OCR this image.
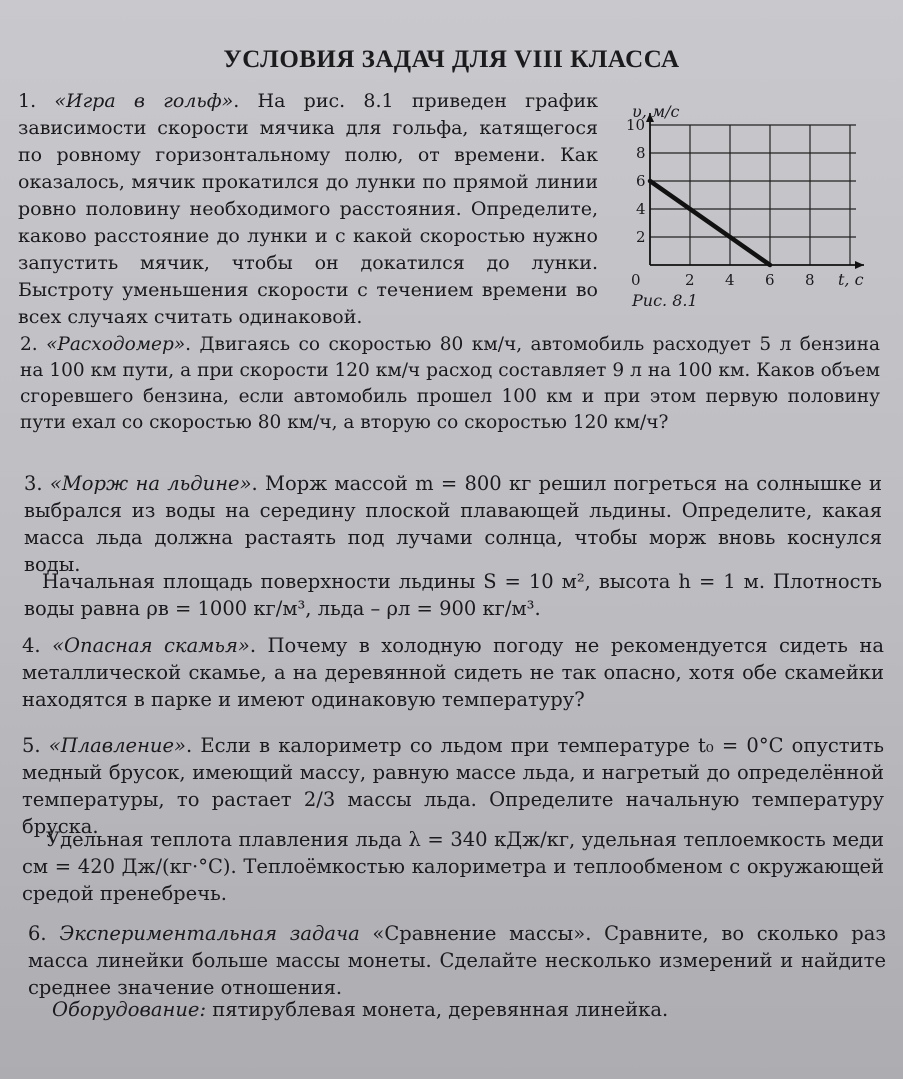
УСЛОВИЯ ЗАДАЧ ДЛЯ VIII КЛАССА

1. «Игра в гольф». На рис. 8.1 приведен график зависимости скорости мячика для гольфа, катящегося по ровному горизонтальному полю, от времени. Как оказалось, мячик прокатился до лунки по прямой линии ровно половину необходимого расстояния. Определите, каково расстояние до лунки и с какой скоростью нужно запустить мячик, чтобы он докатился до лунки. Быстроту уменьшения скорости с течением времени во всех случаях считать одинаковой.

2 4 6 8
2
4
6
8
10
υ, м/с
t, с
0
Рис. 8.1

2. «Расходомер». Двигаясь со скоростью 80 км/ч, автомобиль расходует 5 л бензина на 100 км пути, а при скорости 120 км/ч расход составляет 9 л на 100 км. Каков объем сгоревшего бензина, если автомобиль прошел 100 км и при этом первую половину пути ехал со скоростью 80 км/ч, а вторую со скоростью 120 км/ч?

3. «Морж на льдине». Морж массой m = 800 кг решил погреться на солнышке и выбрался из воды на середину плоской плавающей льдины. Определите, какая масса льда должна растаять под лучами солнца, чтобы морж вновь коснулся воды.

Начальная площадь поверхности льдины S = 10 м², высота h = 1 м. Плотность воды равна ρв = 1000 кг/м³, льда – ρл = 900 кг/м³.

4. «Опасная скамья». Почему в холодную погоду не рекомендуется сидеть на металлической скамье, а на деревянной сидеть не так опасно, хотя обе скамейки находятся в парке и имеют одинаковую температуру?

5. «Плавление». Если в калориметр со льдом при температуре t₀ = 0°C опустить медный брусок, имеющий массу, равную массе льда, и нагретый до определённой температуры, то растает 2/3 массы льда. Определите начальную температуру бруска.

Удельная теплота плавления льда λ = 340 кДж/кг, удельная теплоемкость меди cм = 420 Дж/(кг·°C). Теплоёмкостью калориметра и теплообменом с окружающей средой пренебречь.

6. Экспериментальная задача «Сравнение массы». Сравните, во сколько раз масса линейки больше массы монеты. Сделайте несколько измерений и найдите среднее значение отношения.

Оборудование: пятирублевая монета, деревянная линейка.
